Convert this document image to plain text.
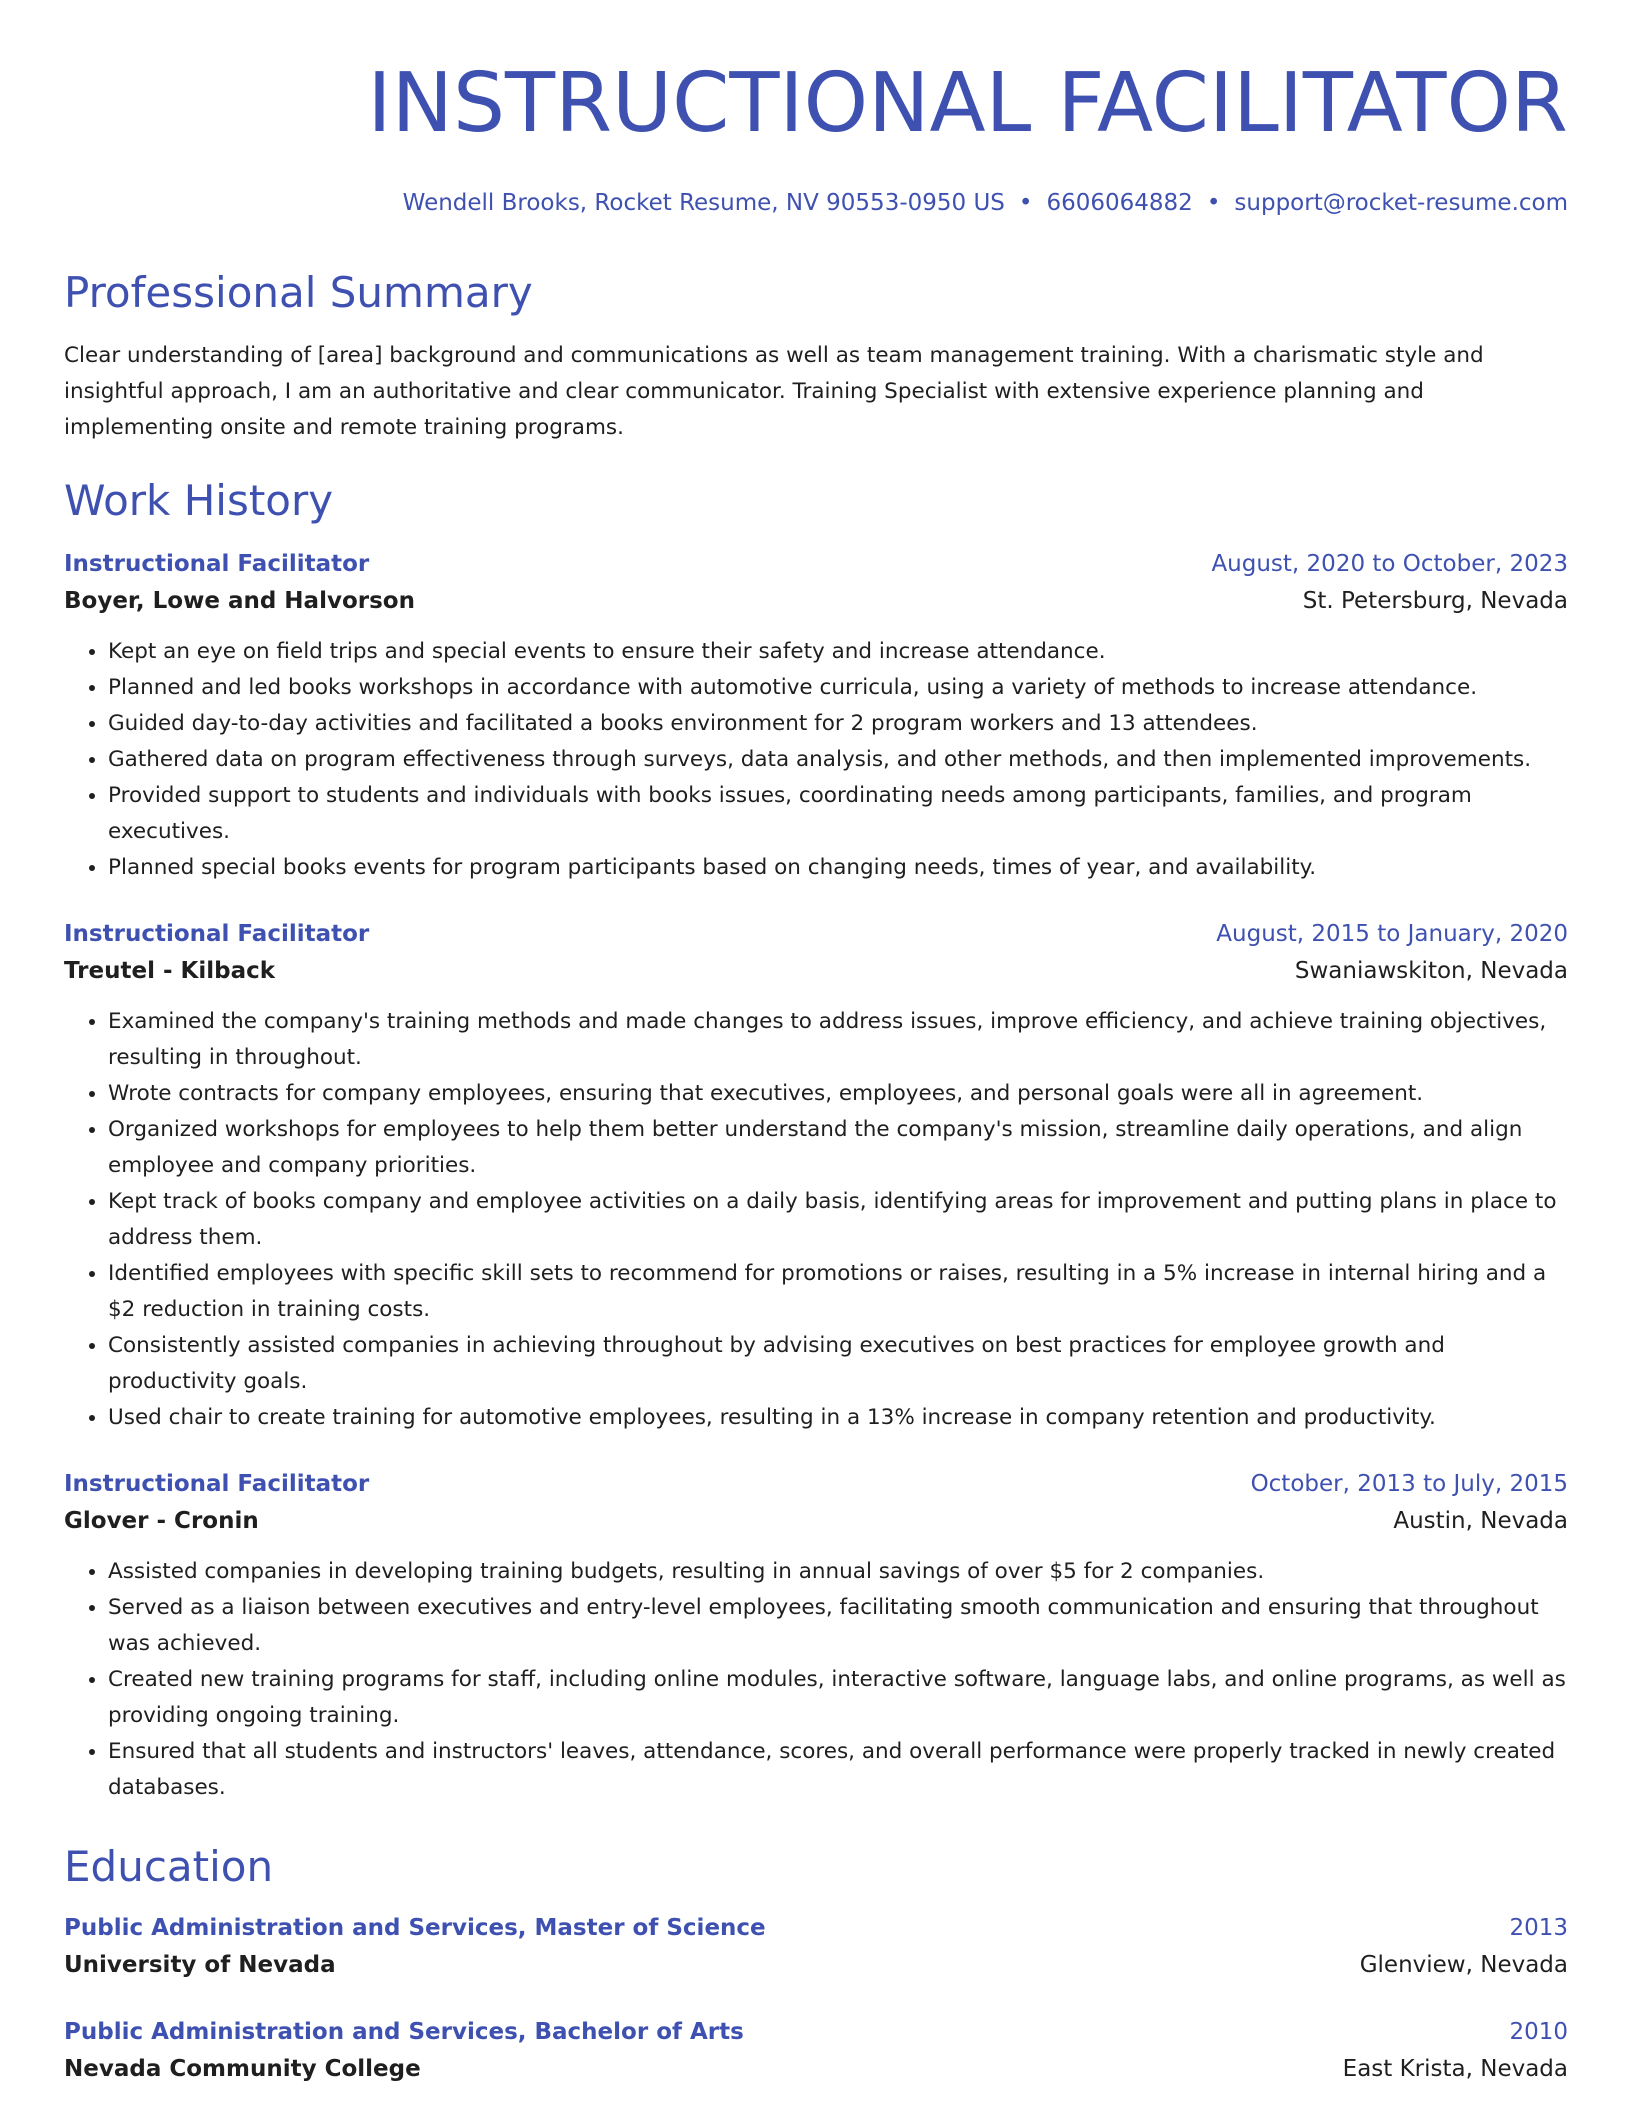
INSTRUCTIONAL FACILITATOR
Wendell Brooks, Rocket Resume, NV 90553-0950 US • 6606064882 • support@rocket-resume.com
Professional Summary

Clear understanding of [area] background and communications as well as team management training. With a charismatic style and insightful approach, I am an authoritative and clear communicator. Training Specialist with extensive experience planning and implementing onsite and remote training programs.

Work History
Instructional Facilitator	August, 2020 to October, 2023
Boyer, Lowe and Halvorson	St. Petersburg, Nevada
• Kept an eye on field trips and special events to ensure their safety and increase attendance.
• Planned and led books workshops in accordance with automotive curricula, using a variety of methods to increase attendance.
• Guided day-to-day activities and facilitated a books environment for 2 program workers and 13 attendees.
• Gathered data on program effectiveness through surveys, data analysis, and other methods, and then implemented improvements.
• Provided support to students and individuals with books issues, coordinating needs among participants, families, and program executives.
• Planned special books events for program participants based on changing needs, times of year, and availability.
Instructional Facilitator	August, 2015 to January, 2020
Treutel - Kilback	Swaniawskiton, Nevada
• Examined the company's training methods and made changes to address issues, improve efficiency, and achieve training objectives, resulting in throughout.
• Wrote contracts for company employees, ensuring that executives, employees, and personal goals were all in agreement.
• Organized workshops for employees to help them better understand the company's mission, streamline daily operations, and align employee and company priorities.
• Kept track of books company and employee activities on a daily basis, identifying areas for improvement and putting plans in place to address them.
• Identified employees with specific skill sets to recommend for promotions or raises, resulting in a 5% increase in internal hiring and a $2 reduction in training costs.
• Consistently assisted companies in achieving throughout by advising executives on best practices for employee growth and productivity goals.
• Used chair to create training for automotive employees, resulting in a 13% increase in company retention and productivity.
Instructional Facilitator	October, 2013 to July, 2015
Glover - Cronin	Austin, Nevada
• Assisted companies in developing training budgets, resulting in annual savings of over $5 for 2 companies.
• Served as a liaison between executives and entry-level employees, facilitating smooth communication and ensuring that throughout was achieved.
• Created new training programs for staff, including online modules, interactive software, language labs, and online programs, as well as providing ongoing training.
• Ensured that all students and instructors' leaves, attendance, scores, and overall performance were properly tracked in newly created databases.
Education
Public Administration and Services, Master of Science	2013
University of Nevada	Glenview, Nevada
Public Administration and Services, Bachelor of Arts	2010
Nevada Community College	East Krista, Nevada
